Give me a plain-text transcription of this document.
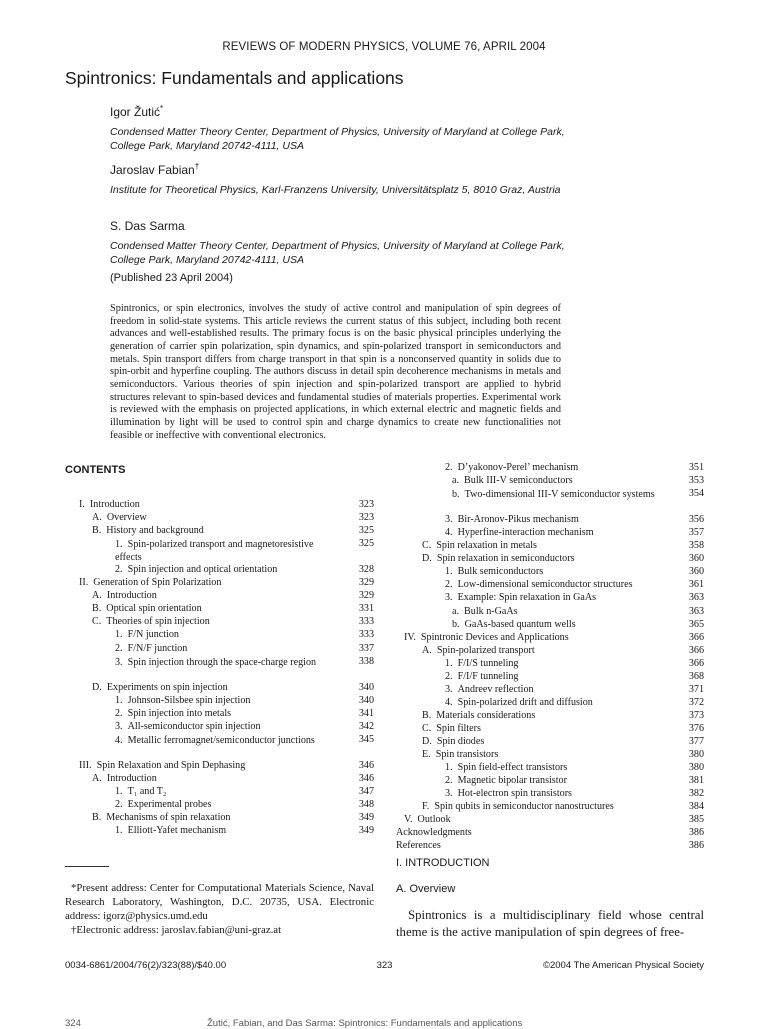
REVIEWS OF MODERN PHYSICS, VOLUME 76, APRIL 2004
Spintronics: Fundamentals and applications

Igor Žutić*

Condensed Matter Theory Center, Department of Physics, University of Maryland at College Park, College Park, Maryland 20742-4111, USA

Jaroslav Fabian†

Institute for Theoretical Physics, Karl-Franzens University, Universitätsplatz 5, 8010 Graz, Austria

S. Das Sarma

Condensed Matter Theory Center, Department of Physics, University of Maryland at College Park, College Park, Maryland 20742-4111, USA

(Published 23 April 2004)

Spintronics, or spin electronics, involves the study of active control and manipulation of spin degrees of freedom in solid-state systems. This article reviews the current status of this subject, including both recent advances and well-established results. The primary focus is on the basic physical principles underlying the generation of carrier spin polarization, spin dynamics, and spin-polarized transport in semiconductors and metals. Spin transport differs from charge transport in that spin is a nonconserved quantity in solids due to spin-orbit and hyperfine coupling. The authors discuss in detail spin decoherence mechanisms in metals and semiconductors. Various theories of spin injection and spin-polarized transport are applied to hybrid structures relevant to spin-based devices and fundamental studies of materials properties. Experimental work is reviewed with the emphasis on projected applications, in which external electric and magnetic fields and illumination by light will be used to control spin and charge dynamics to create new functionalities not feasible or ineffective with conventional electronics.

CONTENTS
I. Introduction	323
A. Overview	323
B. History and background	325
1. Spin-polarized transport and magnetoresistive effects
325
2. Spin injection and optical orientation	328
II. Generation of Spin Polarization	329
A. Introduction	329
B. Optical spin orientation	331
C. Theories of spin injection	333
1. F/N junction	333
2. F/N/F junction	337
3. Spin injection through the space-charge region	338
D. Experiments on spin injection	340
1. Johnson-Silsbee spin injection	340
2. Spin injection into metals	341
3. All-semiconductor spin injection	342
4. Metallic ferromagnet/semiconductor junctions	345
III. Spin Relaxation and Spin Dephasing	346
A. Introduction	346
1. T₁ and T₂	347
2. Experimental probes	348
B. Mechanisms of spin relaxation	349
1. Elliott-Yafet mechanism	349
2. D’yakonov-Perel’ mechanism	351
a. Bulk III-V semiconductors	353
b. Two-dimensional III-V semiconductor systems	354
3. Bir-Aronov-Pikus mechanism	356
4. Hyperfine-interaction mechanism	357
C. Spin relaxation in metals	358
D. Spin relaxation in semiconductors	360
1. Bulk semiconductors	360
2. Low-dimensional semiconductor structures	361
3. Example: Spin relaxation in GaAs	363
a. Bulk n-GaAs	363
b. GaAs-based quantum wells	365
IV. Spintronic Devices and Applications	366
A. Spin-polarized transport	366
1. F/I/S tunneling	366
2. F/I/F tunneling	368
3. Andreev reflection	371
4. Spin-polarized drift and diffusion	372
B. Materials considerations	373
C. Spin filters	376
D. Spin diodes	377
E. Spin transistors	380
1. Spin field-effect transistors	380
2. Magnetic bipolar transistor	381
3. Hot-electron spin transistors	382
F. Spin qubits in semiconductor nanostructures	384
V. Outlook	385
Acknowledgments	386
References	386

*Present address: Center for Computational Materials Science, Naval Research Laboratory, Washington, D.C. 20735, USA. Electronic address: igorz@physics.umd.edu

†Electronic address: jaroslav.fabian@uni-graz.at

I. INTRODUCTION
A. Overview

Spintronics is a multidisciplinary field whose central theme is the active manipulation of spin degrees of free-

0034-6861/2004/76(2)/323(88)/$40.00	323	©2004 The American Physical Society
324	Žutić, Fabian, and Das Sarma: Spintronics: Fundamentals and applications
